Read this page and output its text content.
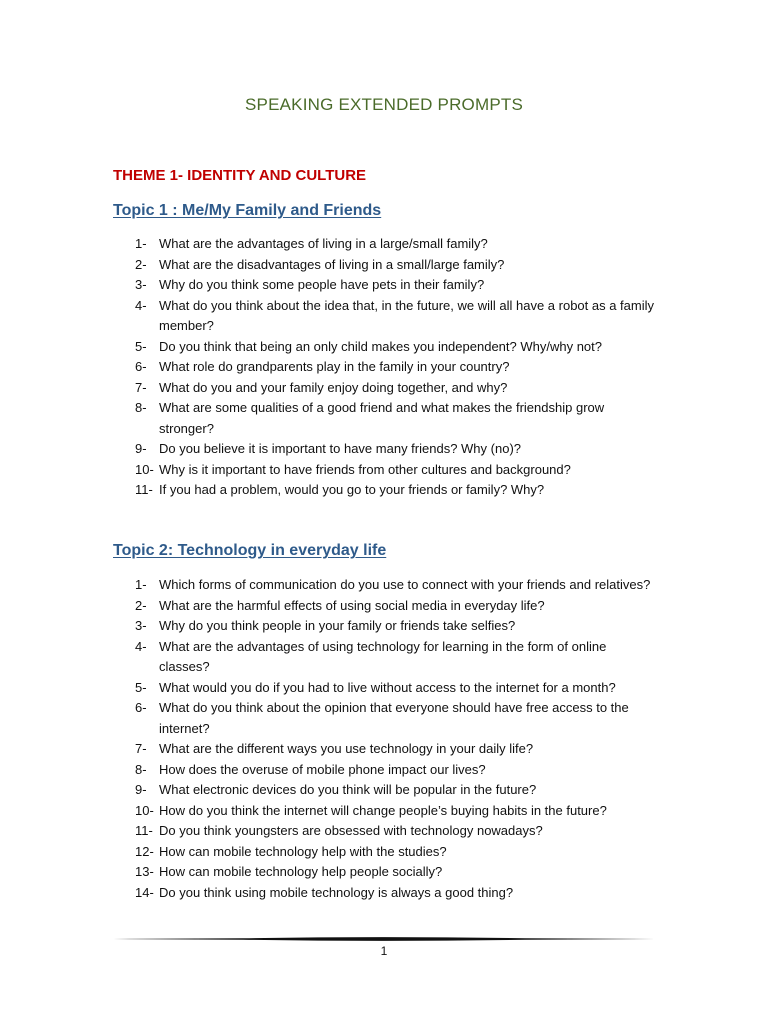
SPEAKING EXTENDED PROMPTS
THEME 1- IDENTITY AND CULTURE
Topic 1 : Me/My Family and Friends
1- What are the advantages of living in a large/small family?
2- What are the disadvantages of living in a small/large family?
3- Why do you think some people have pets in their family?
4- What do you think about the idea that, in the future, we will all have a robot as a family member?
5- Do you think that being an only child makes you independent? Why/why not?
6- What role do grandparents play in the family in your country?
7- What do you and your family enjoy doing together, and why?
8- What are some qualities of a good friend and what makes the friendship grow stronger?
9- Do you believe it is important to have many friends? Why (no)?
10- Why is it important to have friends from other cultures and background?
11- If you had a problem, would you go to your friends or family? Why?
Topic 2: Technology in everyday life
1- Which forms of communication do you use to connect with your friends and relatives?
2- What are the harmful effects of using social media in everyday life?
3- Why do you think people in your family or friends take selfies?
4- What are the advantages of using technology for learning in the form of online classes?
5- What would you do if you had to live without access to the internet for a month?
6- What do you think about the opinion that everyone should have free access to the internet?
7- What are the different ways you use technology in your daily life?
8- How does the overuse of mobile phone impact our lives?
9- What electronic devices do you think will be popular in the future?
10- How do you think the internet will change people’s buying habits in the future?
11- Do you think youngsters are obsessed with technology nowadays?
12- How can mobile technology help with the studies?
13- How can mobile technology help people socially?
14- Do you think using mobile technology is always a good thing?
1
